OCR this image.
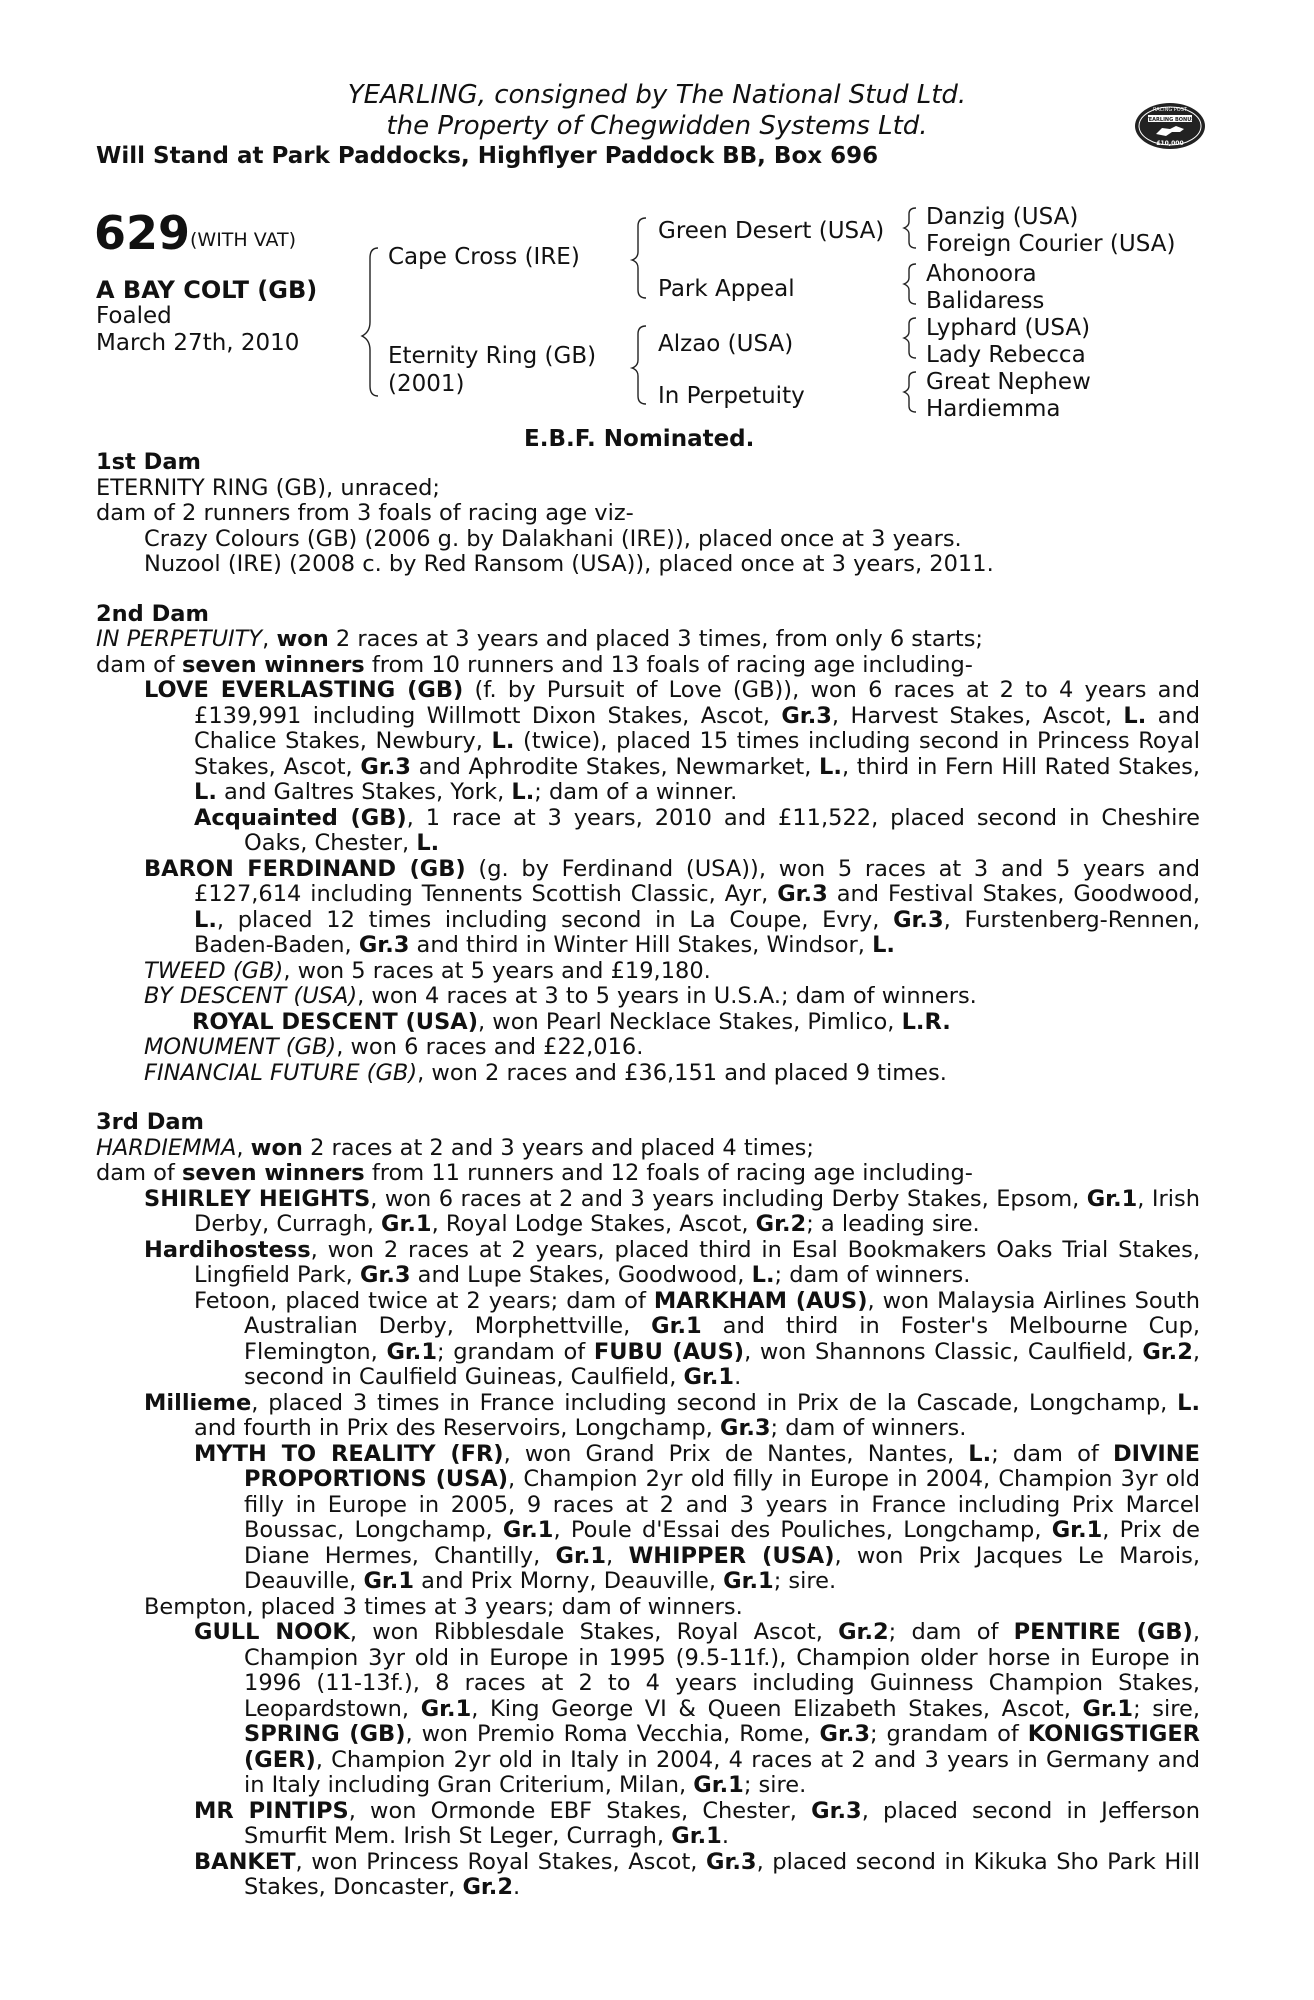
YEARLING, consigned by The National Stud Ltd.
the Property of Chegwidden Systems Ltd.
Will Stand at Park Paddocks, Highflyer Paddock BB, Box 696
RACING POST
YEARLING BONUS
£10,000
629 (WITH VAT)
A BAY COLT (GB)
Foaled
March 27th, 2010
Cape Cross (IRE)
Eternity Ring (GB)
(2001)
Green Desert (USA)
Park Appeal
Alzao (USA)
In Perpetuity
Danzig (USA)
Foreign Courier (USA)
Ahonoora
Balidaress
Lyphard (USA)
Lady Rebecca
Great Nephew
Hardiemma
E.B.F. Nominated.

1st Dam

ETERNITY RING (GB), unraced;

dam of 2 runners from 3 foals of racing age viz-

Crazy Colours (GB) (2006 g. by Dalakhani (IRE)), placed once at 3 years.

Nuzool (IRE) (2008 c. by Red Ransom (USA)), placed once at 3 years, 2011.

2nd Dam

IN PERPETUITY, won 2 races at 3 years and placed 3 times, from only 6 starts;

dam of seven winners from 10 runners and 13 foals of racing age including-

LOVE EVERLASTING (GB) (f. by Pursuit of Love (GB)), won 6 races at 2 to 4 years and £139,991 including Willmott Dixon Stakes, Ascot, Gr.3, Harvest Stakes, Ascot, L. and Chalice Stakes, Newbury, L. (twice), placed 15 times including second in Princess Royal Stakes, Ascot, Gr.3 and Aphrodite Stakes, Newmarket, L., third in Fern Hill Rated Stakes, L. and Galtres Stakes, York, L.; dam of a winner.

Acquainted (GB), 1 race at 3 years, 2010 and £11,522, placed second in Cheshire Oaks, Chester, L.

BARON FERDINAND (GB) (g. by Ferdinand (USA)), won 5 races at 3 and 5 years and £127,614 including Tennents Scottish Classic, Ayr, Gr.3 and Festival Stakes, Goodwood, L., placed 12 times including second in La Coupe, Evry, Gr.3, Furstenberg-Rennen, Baden-Baden, Gr.3 and third in Winter Hill Stakes, Windsor, L.

TWEED (GB), won 5 races at 5 years and £19,180.

BY DESCENT (USA), won 4 races at 3 to 5 years in U.S.A.; dam of winners.

ROYAL DESCENT (USA), won Pearl Necklace Stakes, Pimlico, L.R.

MONUMENT (GB), won 6 races and £22,016.

FINANCIAL FUTURE (GB), won 2 races and £36,151 and placed 9 times.

3rd Dam

HARDIEMMA, won 2 races at 2 and 3 years and placed 4 times;

dam of seven winners from 11 runners and 12 foals of racing age including-

SHIRLEY HEIGHTS, won 6 races at 2 and 3 years including Derby Stakes, Epsom, Gr.1, Irish Derby, Curragh, Gr.1, Royal Lodge Stakes, Ascot, Gr.2; a leading sire.

Hardihostess, won 2 races at 2 years, placed third in Esal Bookmakers Oaks Trial Stakes, Lingfield Park, Gr.3 and Lupe Stakes, Goodwood, L.; dam of winners.

Fetoon, placed twice at 2 years; dam of MARKHAM (AUS), won Malaysia Airlines South Australian Derby, Morphettville, Gr.1 and third in Foster's Melbourne Cup, Flemington, Gr.1; grandam of FUBU (AUS), won Shannons Classic, Caulfield, Gr.2, second in Caulfield Guineas, Caulfield, Gr.1.

Millieme, placed 3 times in France including second in Prix de la Cascade, Longchamp, L. and fourth in Prix des Reservoirs, Longchamp, Gr.3; dam of winners.

MYTH TO REALITY (FR), won Grand Prix de Nantes, Nantes, L.; dam of DIVINE PROPORTIONS (USA), Champion 2yr old filly in Europe in 2004, Champion 3yr old filly in Europe in 2005, 9 races at 2 and 3 years in France including Prix Marcel Boussac, Longchamp, Gr.1, Poule d'Essai des Pouliches, Longchamp, Gr.1, Prix de Diane Hermes, Chantilly, Gr.1, WHIPPER (USA), won Prix Jacques Le Marois, Deauville, Gr.1 and Prix Morny, Deauville, Gr.1; sire.

Bempton, placed 3 times at 3 years; dam of winners.

GULL NOOK, won Ribblesdale Stakes, Royal Ascot, Gr.2; dam of PENTIRE (GB), Champion 3yr old in Europe in 1995 (9.5-11f.), Champion older horse in Europe in 1996 (11-13f.), 8 races at 2 to 4 years including Guinness Champion Stakes, Leopardstown, Gr.1, King George VI & Queen Elizabeth Stakes, Ascot, Gr.1; sire, SPRING (GB), won Premio Roma Vecchia, Rome, Gr.3; grandam of KONIGSTIGER (GER), Champion 2yr old in Italy in 2004, 4 races at 2 and 3 years in Germany and in Italy including Gran Criterium, Milan, Gr.1; sire.

MR PINTIPS, won Ormonde EBF Stakes, Chester, Gr.3, placed second in Jefferson Smurfit Mem. Irish St Leger, Curragh, Gr.1.

BANKET, won Princess Royal Stakes, Ascot, Gr.3, placed second in Kikuka Sho Park Hill Stakes, Doncaster, Gr.2.
